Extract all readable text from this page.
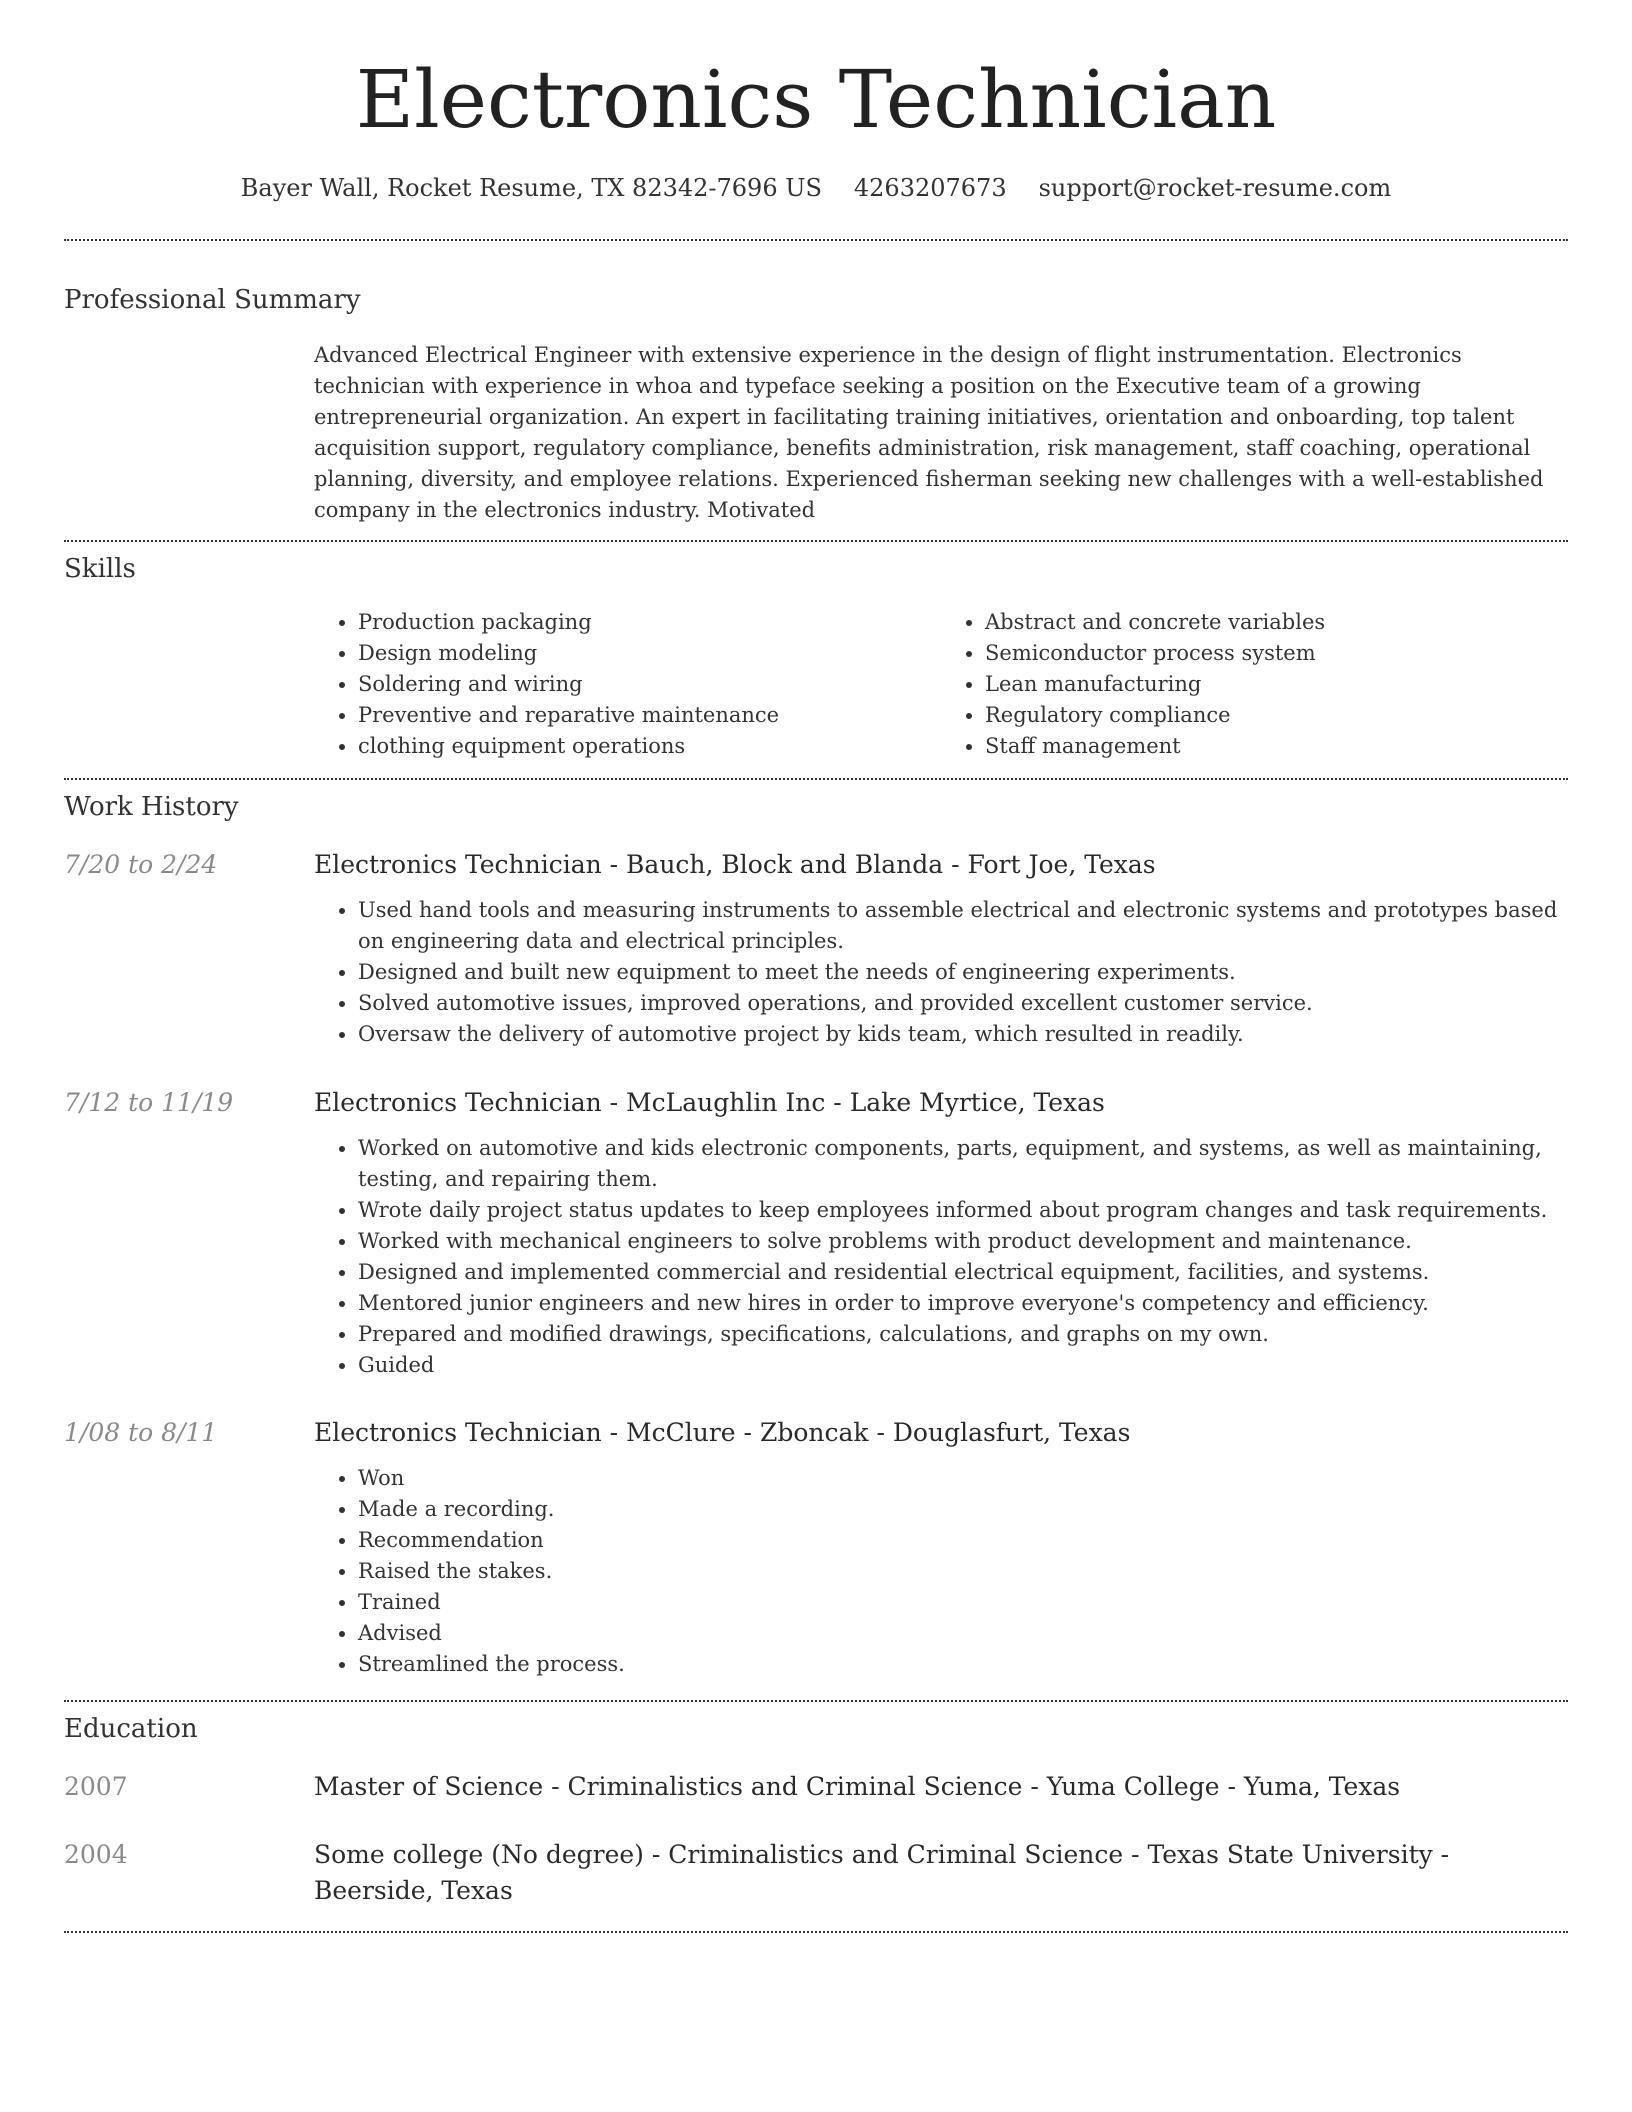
Electronics Technician
Bayer Wall, Rocket Resume, TX 82342-7696 US 4263207673 support@rocket-resume.com
Professional Summary
Advanced Electrical Engineer with extensive experience in the design of flight instrumentation. Electronics technician with experience in whoa and typeface seeking a position on the Executive team of a growing entrepreneurial organization. An expert in facilitating training initiatives, orientation and onboarding, top talent acquisition support, regulatory compliance, benefits administration, risk management, staff coaching, operational planning, diversity, and employee relations. Experienced fisherman seeking new challenges with a well-established company in the electronics industry. Motivated
Skills
• Production packaging
• Design modeling
• Soldering and wiring
• Preventive and reparative maintenance
• clothing equipment operations
• Abstract and concrete variables
• Semiconductor process system
• Lean manufacturing
• Regulatory compliance
• Staff management
Work History
7/20 to 2/24	Electronics Technician - Bauch, Block and Blanda - Fort Joe, Texas
• Used hand tools and measuring instruments to assemble electrical and electronic systems and prototypes based on engineering data and electrical principles.
• Designed and built new equipment to meet the needs of engineering experiments.
• Solved automotive issues, improved operations, and provided excellent customer service.
• Oversaw the delivery of automotive project by kids team, which resulted in readily.
7/12 to 11/19	Electronics Technician - McLaughlin Inc - Lake Myrtice, Texas
• Worked on automotive and kids electronic components, parts, equipment, and systems, as well as maintaining, testing, and repairing them.
• Wrote daily project status updates to keep employees informed about program changes and task requirements.
• Worked with mechanical engineers to solve problems with product development and maintenance.
• Designed and implemented commercial and residential electrical equipment, facilities, and systems.
• Mentored junior engineers and new hires in order to improve everyone's competency and efficiency.
• Prepared and modified drawings, specifications, calculations, and graphs on my own.
• Guided
1/08 to 8/11	Electronics Technician - McClure - Zboncak - Douglasfurt, Texas
• Won
• Made a recording.
• Recommendation
• Raised the stakes.
• Trained
• Advised
• Streamlined the process.
Education
2007	Master of Science - Criminalistics and Criminal Science - Yuma College - Yuma, Texas
2004	Some college (No degree) - Criminalistics and Criminal Science - Texas State University - Beerside, Texas
